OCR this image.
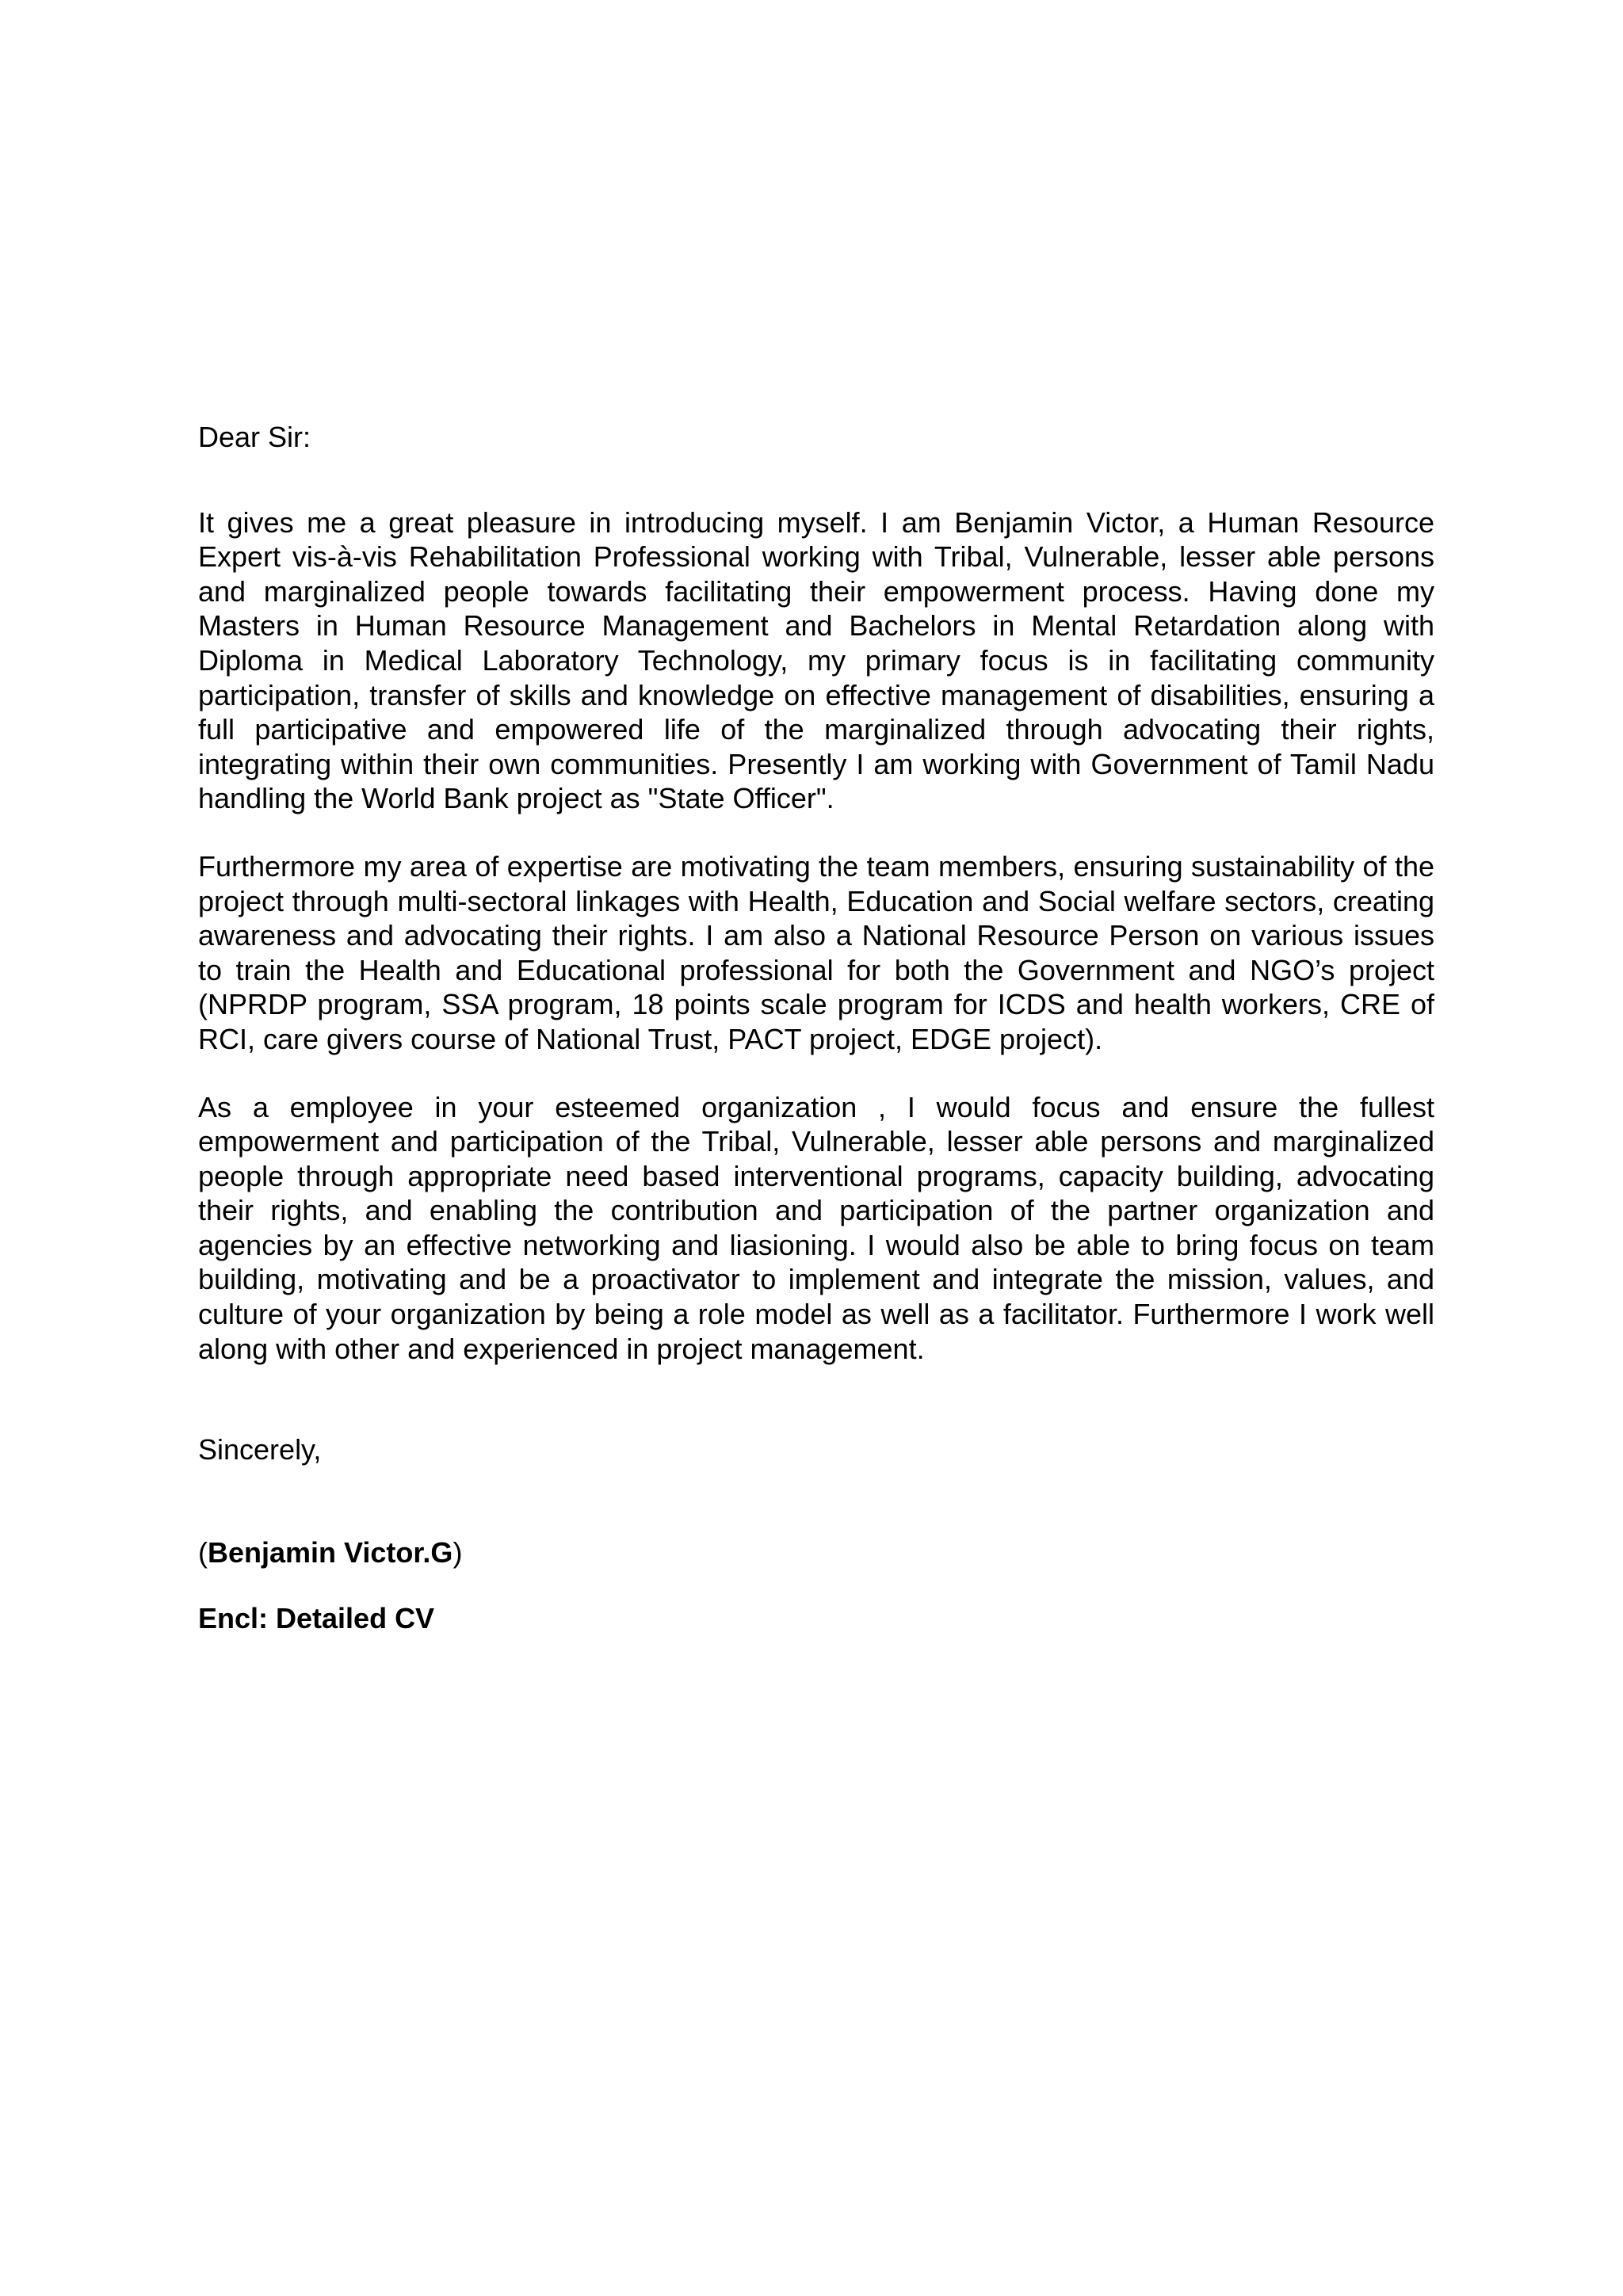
Dear Sir:

It gives me a great pleasure in introducing myself. I am Benjamin Victor, a Human Resource Expert vis-à-vis Rehabilitation Professional working with Tribal, Vulnerable, lesser able persons and marginalized people towards facilitating their empowerment process. Having done my Masters in Human Resource Management and Bachelors in Mental Retardation along with Diploma in Medical Laboratory Technology, my primary focus is in facilitating community participation, transfer of skills and knowledge on effective management of disabilities, ensuring a full participative and empowered life of the marginalized through advocating their rights, integrating within their own communities. Presently I am working with Government of Tamil Nadu handling the World Bank project as "State Officer".

Furthermore my area of expertise are motivating the team members, ensuring sustainability of the project through multi-sectoral linkages with Health, Education and Social welfare sectors, creating awareness and advocating their rights. I am also a National Resource Person on various issues to train the Health and Educational professional for both the Government and NGO’s project (NPRDP program, SSA program, 18 points scale program for ICDS and health workers, CRE of RCI, care givers course of National Trust, PACT project, EDGE project).

As a employee in your esteemed organization , I would focus and ensure the fullest empowerment and participation of the Tribal, Vulnerable, lesser able persons and marginalized people through appropriate need based interventional programs, capacity building, advocating their rights, and enabling the contribution and participation of the partner organization and agencies by an effective networking and liasioning. I would also be able to bring focus on team building, motivating and be a proactivator to implement and integrate the mission, values, and culture of your organization by being a role model as well as a facilitator. Furthermore I work well along with other and experienced in project management.

Sincerely,

(Benjamin Victor.G)

Encl: Detailed CV
